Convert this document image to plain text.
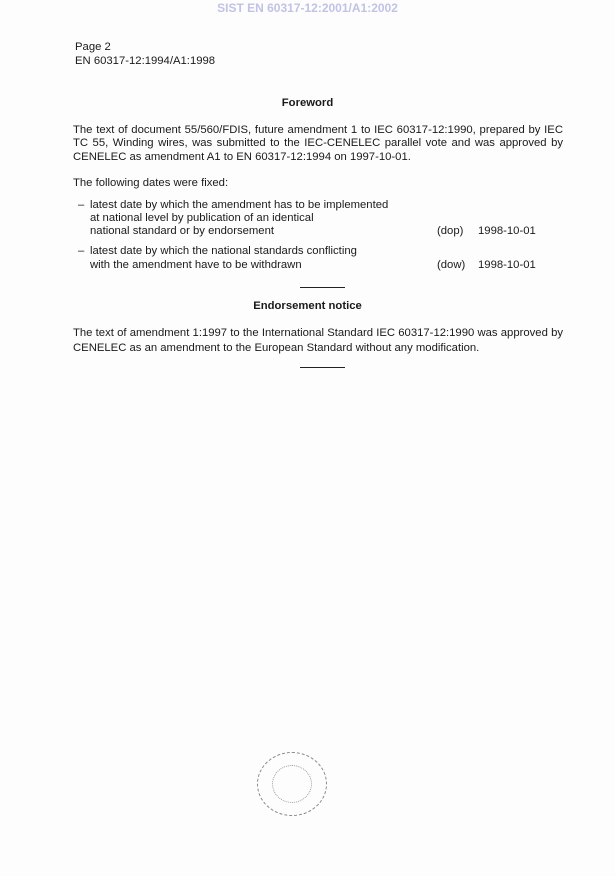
SIST EN 60317-12:2001/A1:2002
Page 2
EN 60317-12:1994/A1:1998
Foreword
The text of document 55/560/FDIS, future amendment 1 to IEC 60317-12:1990, prepared by IEC TC 55, Winding wires, was submitted to the IEC-CENELEC parallel vote and was approved by CENELEC as amendment A1 to EN 60317-12:1994 on 1997-10-01.
The following dates were fixed:
– latest date by which the amendment has to be implemented
at national level by publication of an identical
national standard or by endorsement	(dop) 1998-10-01
– latest date by which the national standards conflicting
with the amendment have to be withdrawn	(dow) 1998-10-01
Endorsement notice
The text of amendment 1:1997 to the International Standard IEC 60317-12:1990 was approved by CENELEC as an amendment to the European Standard without any modification.
